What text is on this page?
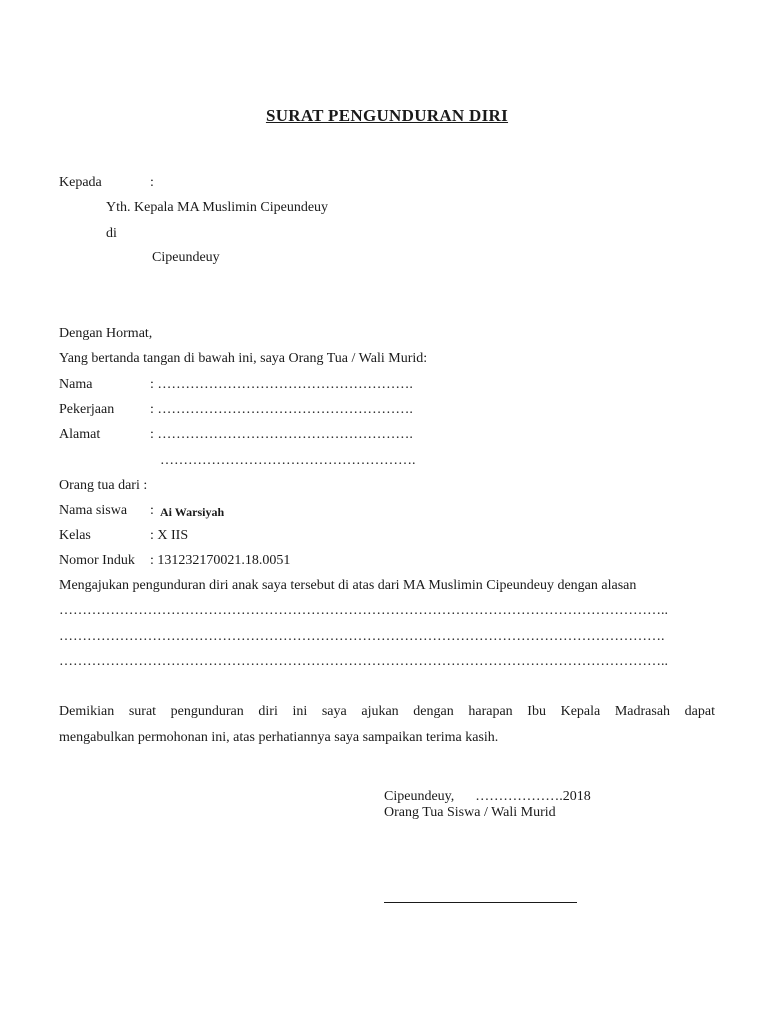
SURAT PENGUNDURAN DIRI
Kepada	:
Yth. Kepala MA Muslimin Cipeundeuy
di
Cipeundeuy
Dengan Hormat,
Yang bertanda tangan di bawah ini, saya Orang Tua / Wali Murid:
Nama	: ……………………………………………….
Pekerjaan	: ……………………………………………….
Alamat	: ……………………………………………….
……………………………………………….
Orang tua dari :
Nama siswa : Ai Warsiyah
Kelas	: X IIS
Nomor Induk : 131232170021.18.0051
Mengajukan pengunduran diri anak saya tersebut di atas dari MA Muslimin Cipeundeuy dengan alasan
…………………………………………………………………………………………………………………..
………………………………………………………………………………………………………………….
…………………………………………………………………………………………………………………..
Demikian surat pengunduran diri ini saya ajukan dengan harapan Ibu Kepala Madrasah dapat
mengabulkan permohonan ini, atas perhatiannya saya sampaikan terima kasih.
Cipeundeuy,      ……………….2018
Orang Tua Siswa / Wali Murid
